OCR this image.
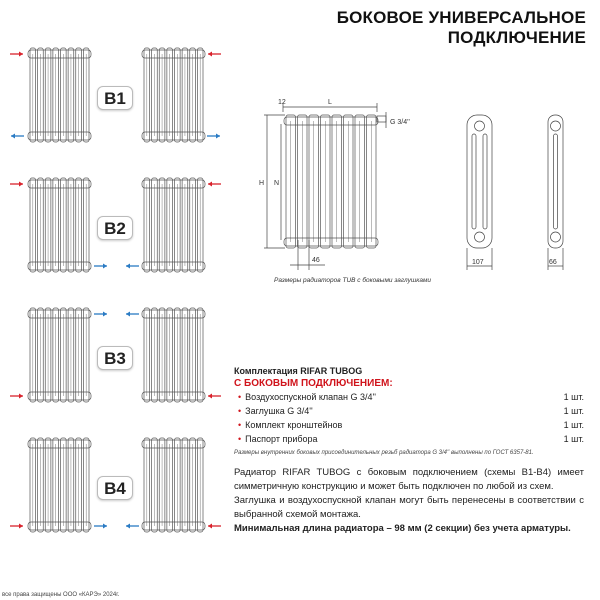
БОКОВОЕ УНИВЕРСАЛЬНОЕ
ПОДКЛЮЧЕНИЕ
B1
B2
B3
B4
12	L
G 3/4''
H N
46	107	66
Размеры радиаторов TUB с боковыми заглушками
Комплектация RIFAR TUBOG
С БОКОВЫМ ПОДКЛЮЧЕНИЕМ:
• Воздухоспускной клапан G 3/4''	1 шт.
• Заглушка G 3/4''	1 шт.
• Комплект кронштейнов	1 шт.
• Паспорт прибора	1 шт.
Размеры внутренних боковых присоединительных резьб радиатора G 3/4'' выполнены по ГОСТ 6357-81.

Радиатор RIFAR TUBOG с боковым подключением (схемы B1-B4) имеет симметричную конструкцию и может быть подключен по любой из схем.

Заглушка и воздухоспускной клапан могут быть перенесены в соответствии с выбранной схемой монтажа.

Минимальная длина радиатора – 98 мм (2 секции) без учета арматуры.

все права защищены ООО «КАРЭ» 2024г.
